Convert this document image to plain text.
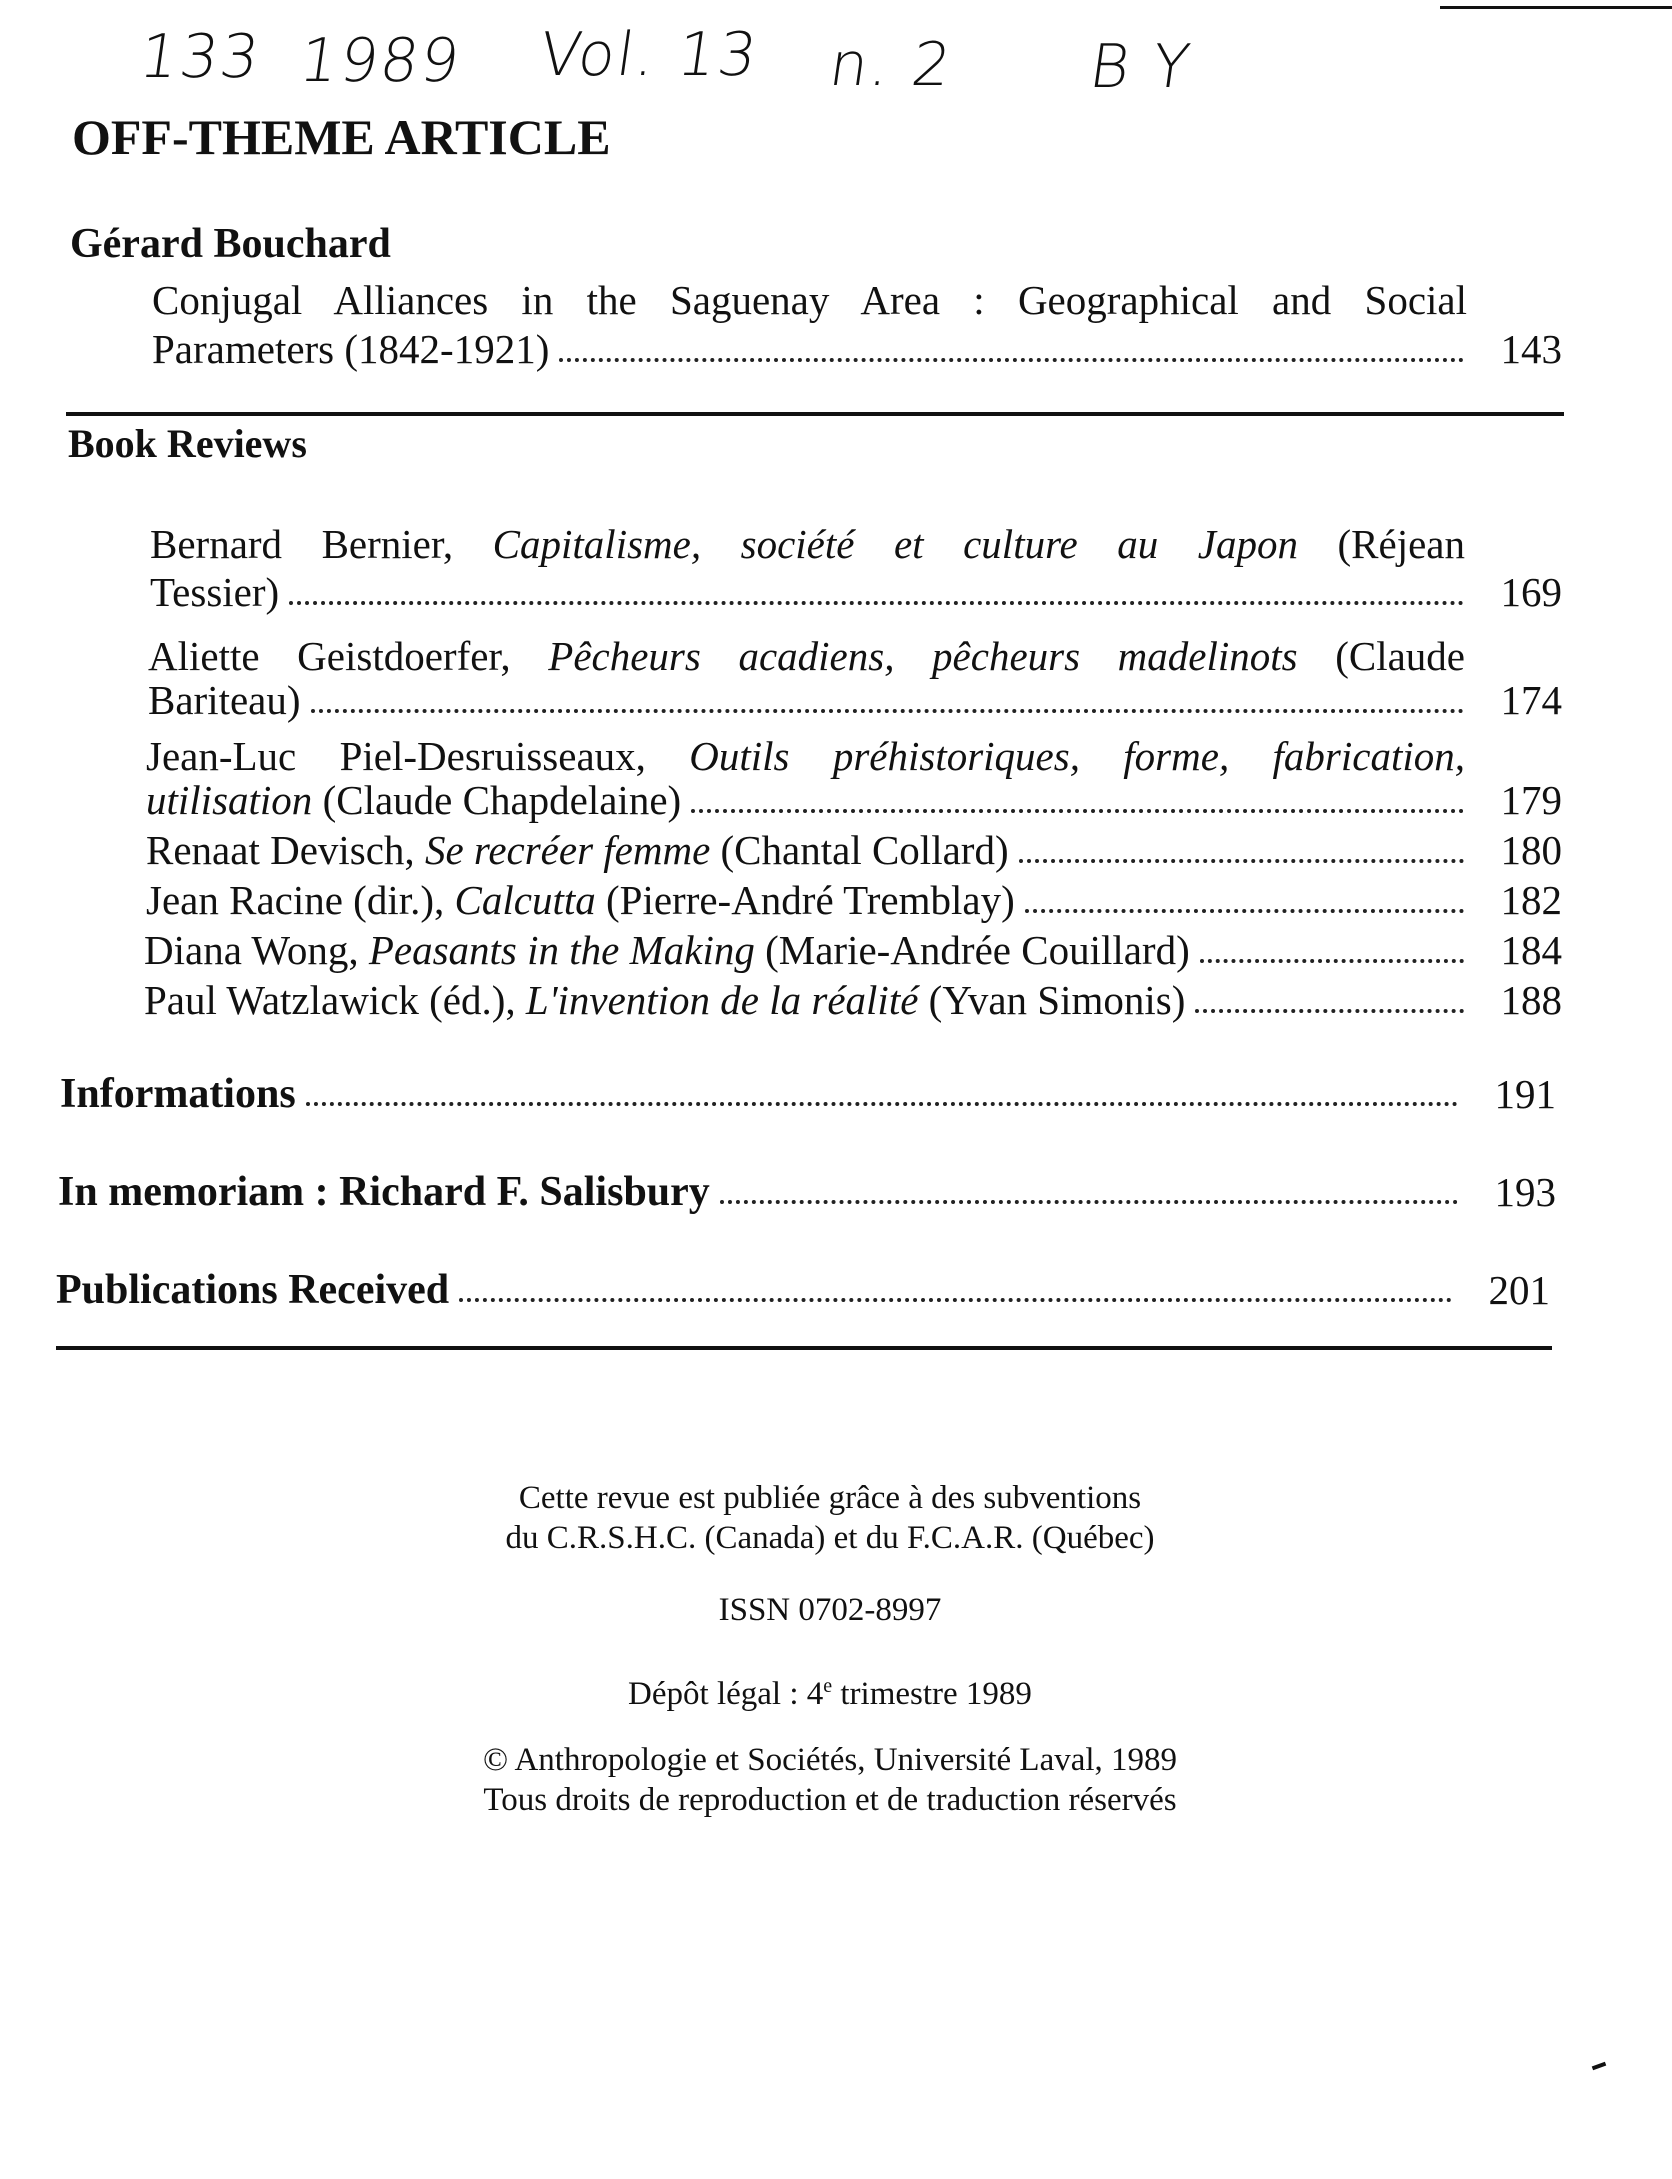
133 1989 Vol. 13 n. 2 B Y
OFF-THEME ARTICLE
Gérard Bouchard
Conjugal Alliances in the Saguenay Area : Geographical and Social
Parameters (1842-1921)	143
Book Reviews
Bernard Bernier, Capitalisme, société et culture au Japon (Réjean
Tessier)	169
Aliette Geistdoerfer, Pêcheurs acadiens, pêcheurs madelinots (Claude
Bariteau)	174
Jean-Luc Piel-Desruisseaux, Outils préhistoriques, forme, fabrication,
utilisation (Claude Chapdelaine)	179
Renaat Devisch, Se recréer femme (Chantal Collard)	180
Jean Racine (dir.), Calcutta (Pierre-André Tremblay)	182
Diana Wong, Peasants in the Making (Marie-Andrée Couillard)	184
Paul Watzlawick (éd.), L'invention de la réalité (Yvan Simonis)	188
Informations	191
In memoriam : Richard F. Salisbury	193
Publications Received	201
Cette revue est publiée grâce à des subventions
du C.R.S.H.C. (Canada) et du F.C.A.R. (Québec)
ISSN 0702-8997
Dépôt légal : 4e trimestre 1989
© Anthropologie et Sociétés, Université Laval, 1989
Tous droits de reproduction et de traduction réservés
